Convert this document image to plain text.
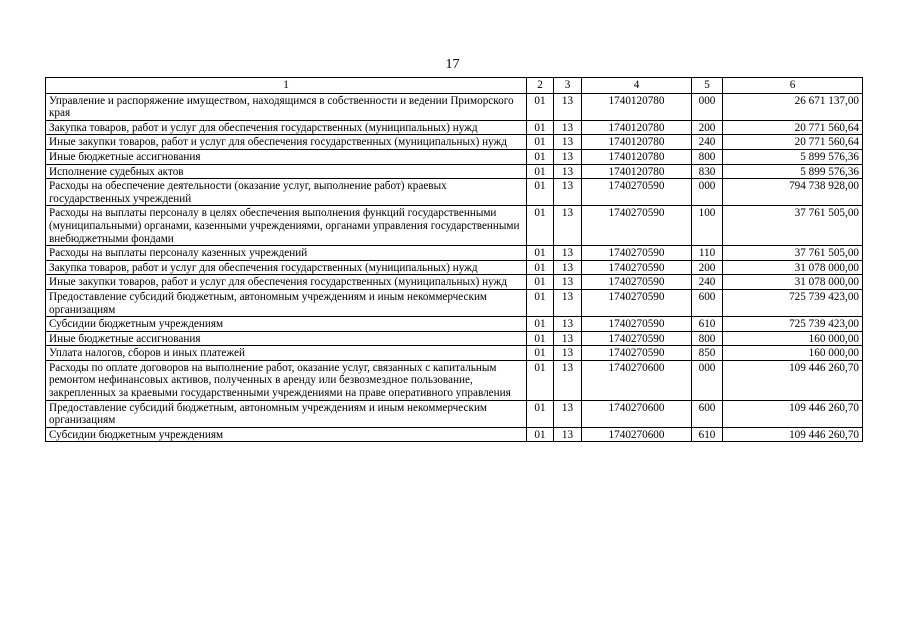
17
1	2	3	4	5	6
Управление и распоряжение имуществом, находящимся в собственности и ведении Приморского края	01	13	1740120780	000	26 671 137,00
Закупка товаров, работ и услуг для обеспечения государственных (муниципальных) нужд	01	13	1740120780	200	20 771 560,64
Иные закупки товаров, работ и услуг для обеспечения государственных (муниципальных) нужд	01	13	1740120780	240	20 771 560,64
Иные бюджетные ассигнования	01	13	1740120780	800	5 899 576,36
Исполнение судебных актов	01	13	1740120780	830	5 899 576,36
Расходы на обеспечение деятельности (оказание услуг, выполнение работ) краевых государственных учреждений	01	13	1740270590	000	794 738 928,00
Расходы на выплаты персоналу в целях обеспечения выполнения функций государственными (муниципальными) органами, казенными учреждениями, органами управления государственными внебюджетными фондами	01	13	1740270590	100	37 761 505,00
Расходы на выплаты персоналу казенных учреждений	01	13	1740270590	110	37 761 505,00
Закупка товаров, работ и услуг для обеспечения государственных (муниципальных) нужд	01	13	1740270590	200	31 078 000,00
Иные закупки товаров, работ и услуг для обеспечения государственных (муниципальных) нужд	01	13	1740270590	240	31 078 000,00
Предоставление субсидий бюджетным, автономным учреждениям и иным некоммерческим организациям	01	13	1740270590	600	725 739 423,00
Субсидии бюджетным учреждениям	01	13	1740270590	610	725 739 423,00
Иные бюджетные ассигнования	01	13	1740270590	800	160 000,00
Уплата налогов, сборов и иных платежей	01	13	1740270590	850	160 000,00
Расходы по оплате договоров на выполнение работ, оказание услуг, связанных с капитальным ремонтом нефинансовых активов, полученных в аренду или безвозмездное пользование, закрепленных за краевыми государственными учреждениями на праве оперативного управления	01	13	1740270600	000	109 446 260,70
Предоставление субсидий бюджетным, автономным учреждениям и иным некоммерческим организациям	01	13	1740270600	600	109 446 260,70
Субсидии бюджетным учреждениям	01	13	1740270600	610	109 446 260,70
